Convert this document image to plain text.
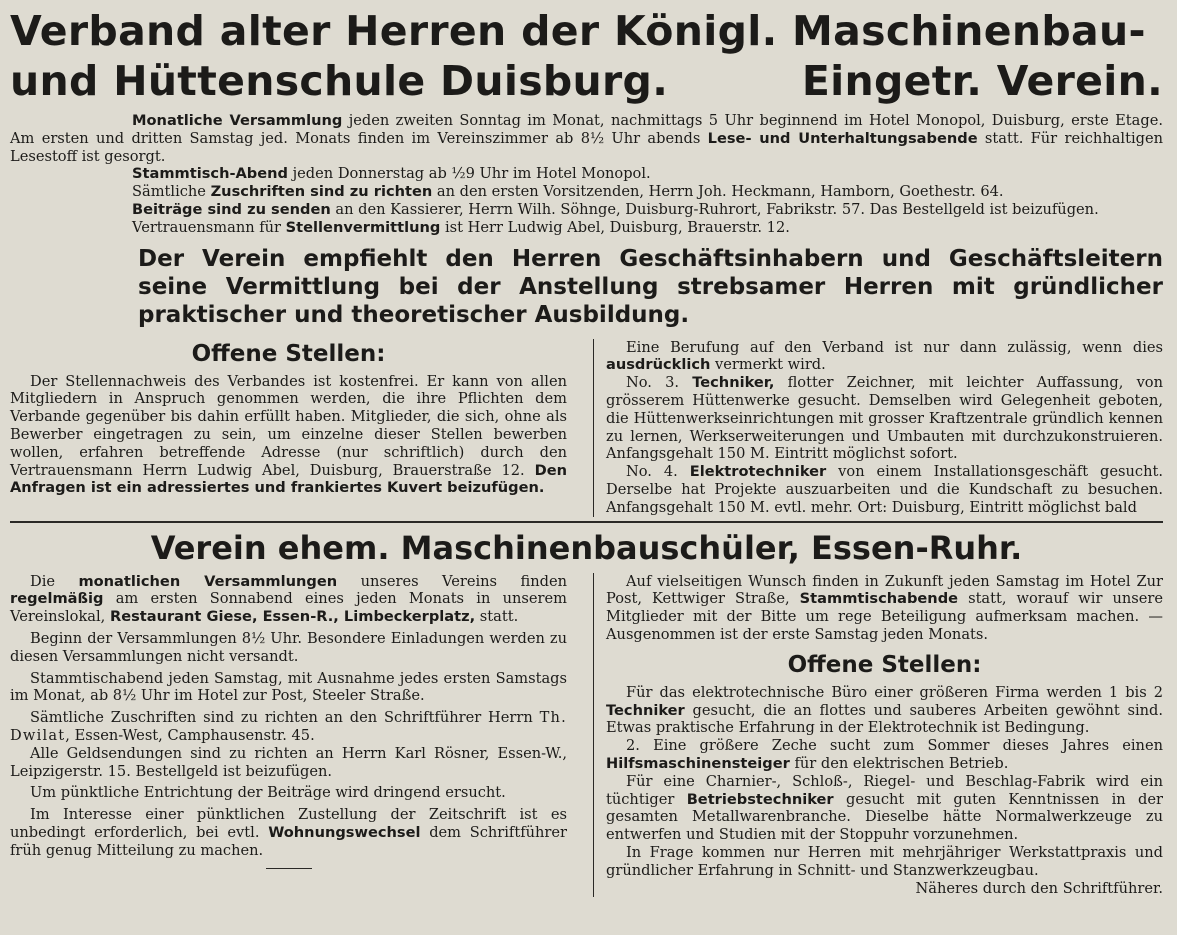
Verband alter Herren der Königl. Maschinenbau-
und Hüttenschule Duisburg.	Eingetr. Verein.

Monatliche Versammlung jeden zweiten Sonntag im Monat, nachmittags 5 Uhr beginnend im Hotel Monopol, Duisburg, erste Etage. Am ersten und dritten Samstag jed. Monats finden im Vereinszimmer ab 8½ Uhr abends Lese- und Unterhaltungsabende statt. Für reichhaltigen Lesestoff ist gesorgt.

Stammtisch-Abend jeden Donnerstag ab ½9 Uhr im Hotel Monopol.

Sämtliche Zuschriften sind zu richten an den ersten Vorsitzenden, Herrn Joh. Heckmann, Hamborn, Goethestr. 64.

Beiträge sind zu senden an den Kassierer, Herrn Wilh. Söhnge, Duisburg-Ruhrort, Fabrikstr. 57. Das Bestellgeld ist beizufügen.

Vertrauensmann für Stellenvermittlung ist Herr Ludwig Abel, Duisburg, Brauerstr. 12.

Der Verein empfiehlt den Herren Geschäftsinhabern und Geschäftsleitern seine Vermittlung bei der Anstellung strebsamer Herren mit gründlicher praktischer und theoretischer Ausbildung.

Offene Stellen:

Der Stellennachweis des Verbandes ist kostenfrei. Er kann von allen Mitgliedern in Anspruch genommen werden, die ihre Pflichten dem Verbande gegenüber bis dahin erfüllt haben. Mitglieder, die sich, ohne als Bewerber eingetragen zu sein, um einzelne dieser Stellen bewerben wollen, erfahren betreffende Adresse (nur schriftlich) durch den Vertrauensmann Herrn Ludwig Abel, Duisburg, Brauerstraße 12. Den Anfragen ist ein adressiertes und frankiertes Kuvert beizufügen.

Eine Berufung auf den Verband ist nur dann zulässig, wenn dies ausdrücklich vermerkt wird.

No. 3. Techniker, flotter Zeichner, mit leichter Auffassung, von grösserem Hüttenwerke gesucht. Demselben wird Gelegenheit geboten, die Hüttenwerkseinrichtungen mit grosser Kraftzentrale gründlich kennen zu lernen, Werkserweiterungen und Umbauten mit durchzukonstruieren. Anfangsgehalt 150 M. Eintritt möglichst sofort.

No. 4. Elektrotechniker von einem Installationsgeschäft gesucht. Derselbe hat Projekte auszuarbeiten und die Kundschaft zu besuchen. Anfangsgehalt 150 M. evtl. mehr. Ort: Duisburg, Eintritt möglichst bald

Verein ehem. Maschinenbauschüler, Essen-Ruhr.

Die monatlichen Versammlungen unseres Vereins finden regelmäßig am ersten Sonnabend eines jeden Monats in unserem Vereinslokal, Restaurant Giese, Essen-R., Limbeckerplatz, statt.

Beginn der Versammlungen 8½ Uhr. Besondere Einladungen werden zu diesen Versammlungen nicht versandt.

Stammtischabend jeden Samstag, mit Ausnahme jedes ersten Samstags im Monat, ab 8½ Uhr im Hotel zur Post, Steeler Straße.

Sämtliche Zuschriften sind zu richten an den Schriftführer Herrn Th. Dwilat, Essen-West, Camphausenstr. 45.

Alle Geldsendungen sind zu richten an Herrn Karl Rösner, Essen-W., Leipzigerstr. 15. Bestellgeld ist beizufügen.

Um pünktliche Entrichtung der Beiträge wird dringend ersucht.

Im Interesse einer pünktlichen Zustellung der Zeitschrift ist es unbedingt erforderlich, bei evtl. Wohnungswechsel dem Schriftführer früh genug Mitteilung zu machen.

Auf vielseitigen Wunsch finden in Zukunft jeden Samstag im Hotel Zur Post, Kettwiger Straße, Stammtischabende statt, worauf wir unsere Mitglieder mit der Bitte um rege Beteiligung aufmerksam machen. — Ausgenommen ist der erste Samstag jeden Monats.

Offene Stellen:

Für das elektrotechnische Büro einer größeren Firma werden 1 bis 2 Techniker gesucht, die an flottes und sauberes Arbeiten gewöhnt sind. Etwas praktische Erfahrung in der Elektrotechnik ist Bedingung.

2. Eine größere Zeche sucht zum Sommer dieses Jahres einen Hilfsmaschinensteiger für den elektrischen Betrieb.

Für eine Charnier-, Schloß-, Riegel- und Beschlag-Fabrik wird ein tüchtiger Betriebstechniker gesucht mit guten Kenntnissen in der gesamten Metallwarenbranche. Dieselbe hätte Normalwerkzeuge zu entwerfen und Studien mit der Stoppuhr vorzunehmen.

In Frage kommen nur Herren mit mehrjähriger Werkstattpraxis und gründlicher Erfahrung in Schnitt- und Stanzwerkzeugbau.

Näheres durch den Schriftführer.
